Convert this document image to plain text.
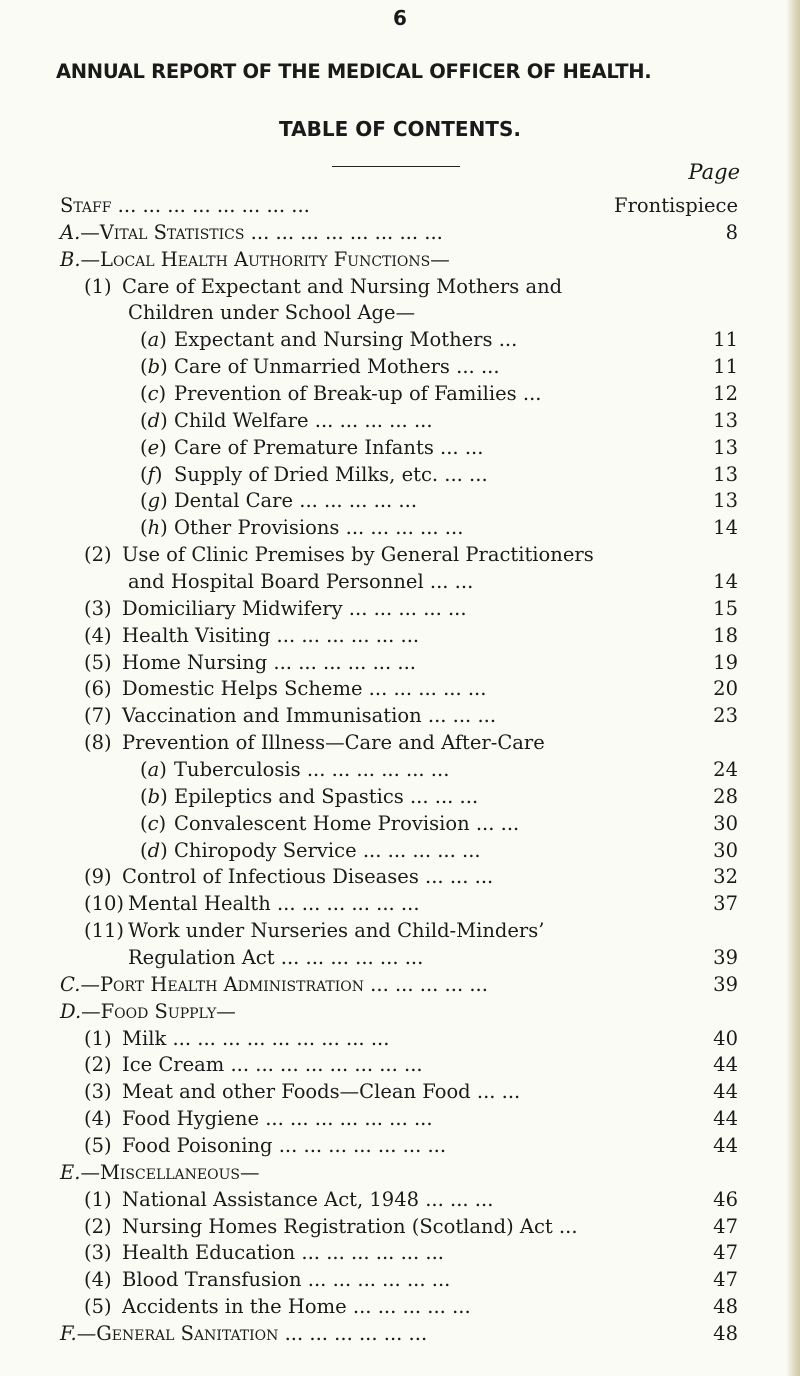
6
ANNUAL REPORT OF THE MEDICAL OFFICER OF HEALTH.
TABLE OF CONTENTS.
Page
Staff ... ... ... ... ... ... ... ...	Frontispiece
A.—Vital Statistics ... ... ... ... ... ... ... ...	8
B.—Local Health Authority Functions—
(1) Care of Expectant and Nursing Mothers and
Children under School Age—
(a) Expectant and Nursing Mothers ...	11
(b) Care of Unmarried Mothers ... ...	11
(c) Prevention of Break-up of Families ...	12
(d) Child Welfare ... ... ... ... ...	13
(e) Care of Premature Infants ... ...	13
(f) Supply of Dried Milks, etc. ... ...	13
(g) Dental Care ... ... ... ... ...	13
(h) Other Provisions ... ... ... ... ...	14
(2) Use of Clinic Premises by General Practitioners
and Hospital Board Personnel ... ...	14
(3) Domiciliary Midwifery ... ... ... ... ...	15
(4) Health Visiting ... ... ... ... ... ...	18
(5) Home Nursing ... ... ... ... ... ...	19
(6) Domestic Helps Scheme ... ... ... ... ...	20
(7) Vaccination and Immunisation ... ... ...	23
(8) Prevention of Illness—Care and After-Care
(a) Tuberculosis ... ... ... ... ... ...	24
(b) Epileptics and Spastics ... ... ...	28
(c) Convalescent Home Provision ... ...	30
(d) Chiropody Service ... ... ... ... ...	30
(9) Control of Infectious Diseases ... ... ...	32
(10) Mental Health ... ... ... ... ... ...	37
(11) Work under Nurseries and Child-Minders’
Regulation Act ... ... ... ... ... ...	39
C.—Port Health Administration ... ... ... ... ...	39
D.—Food Supply—
(1) Milk ... ... ... ... ... ... ... ... ...	40
(2) Ice Cream ... ... ... ... ... ... ... ...	44
(3) Meat and other Foods—Clean Food ... ...	44
(4) Food Hygiene ... ... ... ... ... ... ...	44
(5) Food Poisoning ... ... ... ... ... ... ...	44
E.—Miscellaneous—
(1) National Assistance Act, 1948 ... ... ...	46
(2) Nursing Homes Registration (Scotland) Act ...	47
(3) Health Education ... ... ... ... ... ...	47
(4) Blood Transfusion ... ... ... ... ... ...	47
(5) Accidents in the Home ... ... ... ... ...	48
F.—General Sanitation ... ... ... ... ... ...	48
